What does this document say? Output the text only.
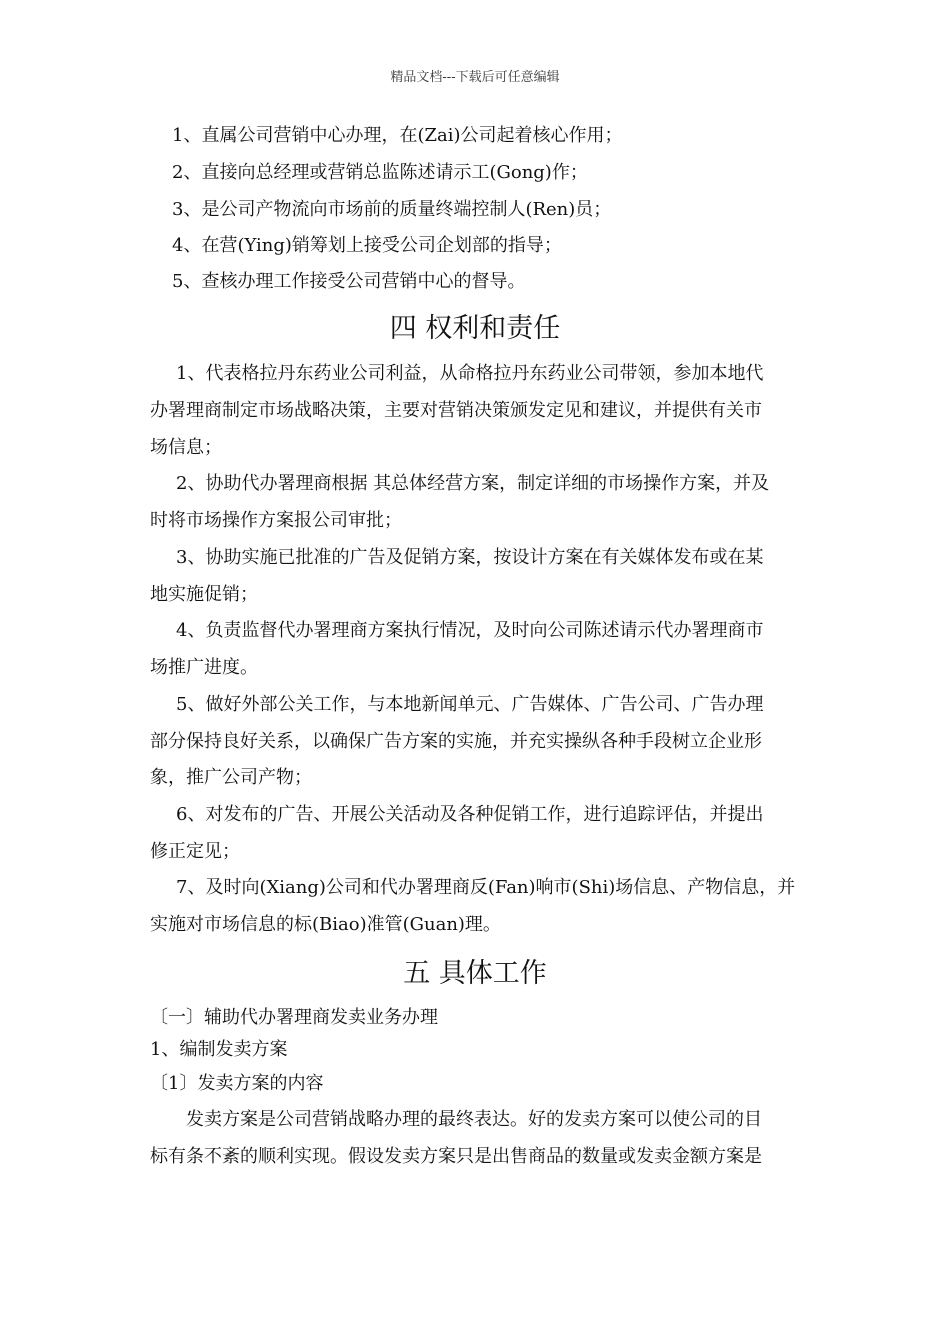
精品文档---下载后可任意编辑
1、直属公司营销中心办理，在(Zai)公司起着核心作用；
2、直接向总经理或营销总监陈述请示工(Gong)作；
3、是公司产物流向市场前的质量终端控制人(Ren)员；
4、在营(Ying)销筹划上接受公司企划部的指导；
5、查核办理工作接受公司营销中心的督导。
四 权利和责任
1、代表格拉丹东药业公司利益，从命格拉丹东药业公司带领，参加本地代
办署理商制定市场战略决策，主要对营销决策颁发定见和建议，并提供有关市
场信息；
2、协助代办署理商根据 其总体经营方案，制定详细的市场操作方案，并及
时将市场操作方案报公司审批；
3、协助实施已批准的广告及促销方案，按设计方案在有关媒体发布或在某
地实施促销；
4、负责监督代办署理商方案执行情况，及时向公司陈述请示代办署理商市
场推广进度。
5、做好外部公关工作，与本地新闻单元、广告媒体、广告公司、广告办理
部分保持良好关系，以确保广告方案的实施，并充实操纵各种手段树立企业形
象，推广公司产物；
6、对发布的广告、开展公关活动及各种促销工作，进行追踪评估，并提出
修正定见；
7、及时向(Xiang)公司和代办署理商反(Fan)响市(Shi)场信息、产物信息，并
实施对市场信息的标(Biao)准管(Guan)理。
五 具体工作
〔一〕辅助代办署理商发卖业务办理
1、编制发卖方案
〔1〕发卖方案的内容
发卖方案是公司营销战略办理的最终表达。好的发卖方案可以使公司的目
标有条不紊的顺利实现。假设发卖方案只是出售商品的数量或发卖金额方案是
